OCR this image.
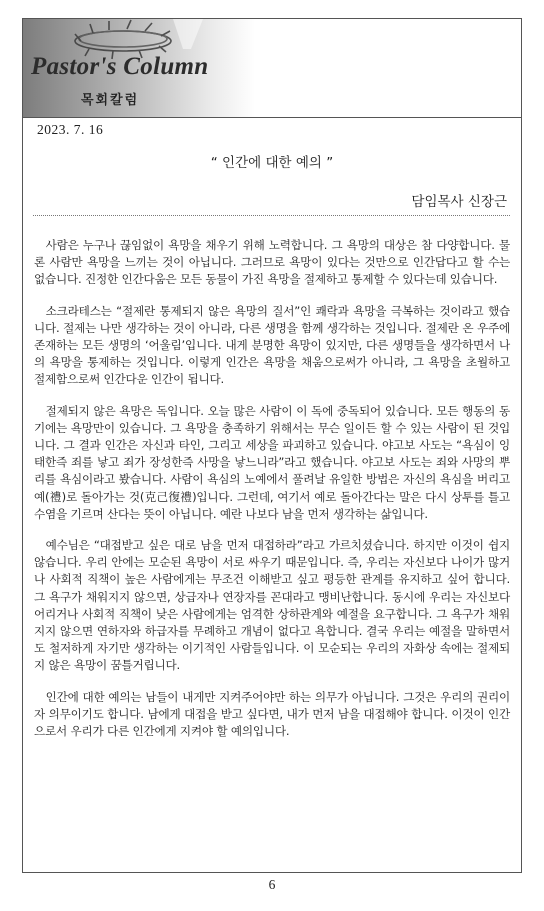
Pastor's Column
목회칼럼
2023. 7. 16
“ 인간에 대한 예의 ”
담임목사 신장근

사람은 누구나 끊임없이 욕망을 채우기 위해 노력합니다. 그 욕망의 대상은 참 다양합니다. 물론 사람만 욕망을 느끼는 것이 아닙니다. 그러므로 욕망이 있다는 것만으로 인간답다고 할 수는 없습니다. 진정한 인간다움은 모든 동물이 가진 욕망을 절제하고 통제할 수 있다는데 있습니다.

소크라테스는 “절제란 통제되지 않은 욕망의 질서”인 쾌락과 욕망을 극복하는 것이라고 했습니다. 절제는 나만 생각하는 것이 아니라, 다른 생명을 함께 생각하는 것입니다. 절제란 온 우주에 존재하는 모든 생명의 ‘어울림’입니다. 내게 분명한 욕망이 있지만, 다른 생명들을 생각하면서 나의 욕망을 통제하는 것입니다. 이렇게 인간은 욕망을 채움으로써가 아니라, 그 욕망을 초월하고 절제함으로써 인간다운 인간이 됩니다.

절제되지 않은 욕망은 독입니다. 오늘 많은 사람이 이 독에 중독되어 있습니다. 모든 행동의 동기에는 욕망만이 있습니다. 그 욕망을 충족하기 위해서는 무슨 일이든 할 수 있는 사람이 된 것입니다. 그 결과 인간은 자신과 타인, 그리고 세상을 파괴하고 있습니다. 야고보 사도는 “욕심이 잉태한즉 죄를 낳고 죄가 장성한즉 사망을 낳느니라”라고 했습니다. 야고보 사도는 죄와 사망의 뿌리를 욕심이라고 봤습니다. 사람이 욕심의 노예에서 풀려날 유일한 방법은 자신의 욕심을 버리고 예(禮)로 돌아가는 것(克己復禮)입니다. 그런데, 여기서 예로 돌아간다는 말은 다시 상투를 틀고 수염을 기르며 산다는 뜻이 아닙니다. 예란 나보다 남을 먼저 생각하는 삶입니다.

예수님은 “대접받고 싶은 대로 남을 먼저 대접하라”라고 가르치셨습니다. 하지만 이것이 쉽지 않습니다. 우리 안에는 모순된 욕망이 서로 싸우기 때문입니다. 즉, 우리는 자신보다 나이가 많거나 사회적 직책이 높은 사람에게는 무조건 이해받고 싶고 평등한 관계를 유지하고 싶어 합니다. 그 욕구가 채워지지 않으면, 상급자나 연장자를 꼰대라고 맹비난합니다. 동시에 우리는 자신보다 어리거나 사회적 직책이 낮은 사람에게는 엄격한 상하관계와 예절을 요구합니다. 그 욕구가 채워지지 않으면 연하자와 하급자를 무례하고 개념이 없다고 욕합니다. 결국 우리는 예절을 말하면서도 철저하게 자기만 생각하는 이기적인 사람들입니다. 이 모순되는 우리의 자화상 속에는 절제되지 않은 욕망이 꿈틀거립니다.

인간에 대한 예의는 남들이 내게만 지켜주어야만 하는 의무가 아닙니다. 그것은 우리의 권리이자 의무이기도 합니다. 남에게 대접을 받고 싶다면, 내가 먼저 남을 대접해야 합니다. 이것이 인간으로서 우리가 다른 인간에게 지켜야 할 예의입니다.

6
